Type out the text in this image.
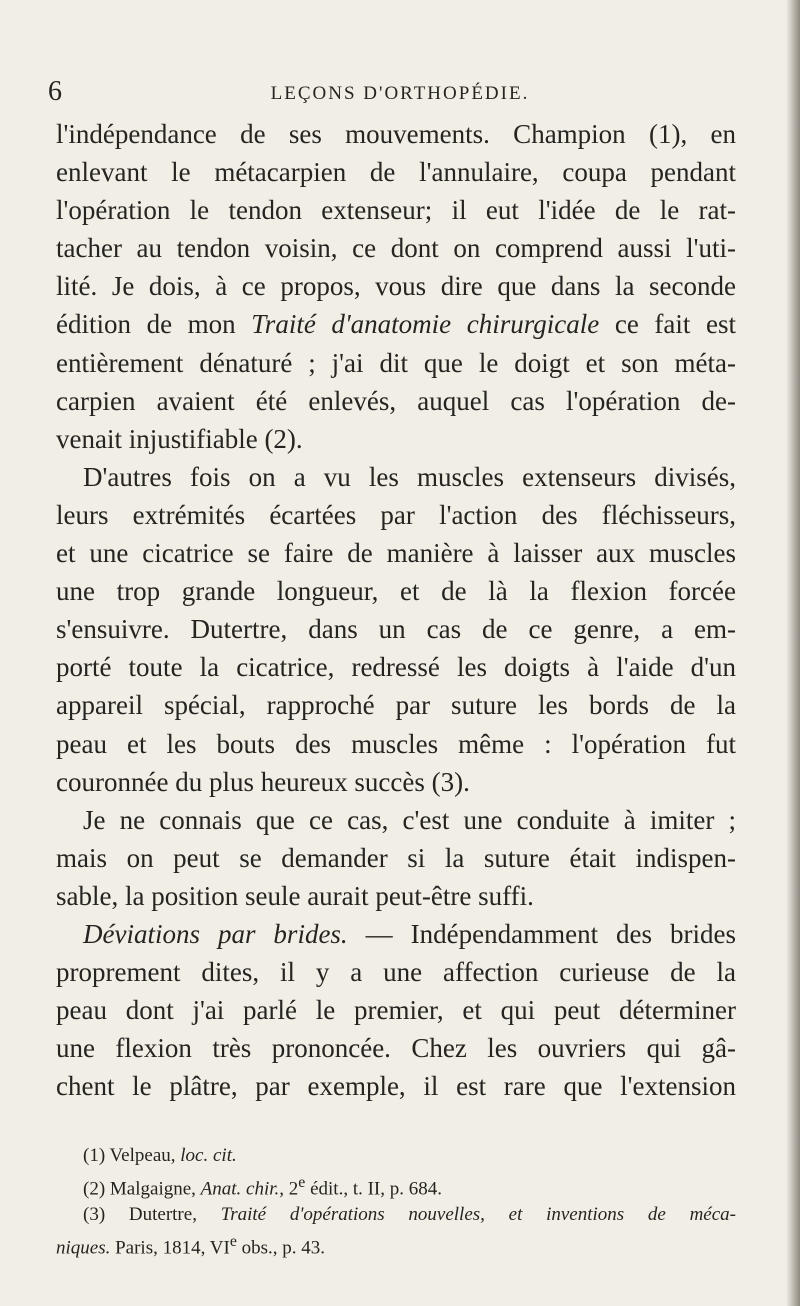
6	LEÇONS D'ORTHOPÉDIE.

l'indépendance de ses mouvements. Champion (1), en

enlevant le métacarpien de l'annulaire, coupa pendant

l'opération le tendon extenseur; il eut l'idée de le rat-

tacher au tendon voisin, ce dont on comprend aussi l'uti-

lité. Je dois, à ce propos, vous dire que dans la seconde

édition de mon Traité d'anatomie chirurgicale ce fait est

entièrement dénaturé ; j'ai dit que le doigt et son méta-

carpien avaient été enlevés, auquel cas l'opération de-

venait injustifiable (2).

D'autres fois on a vu les muscles extenseurs divisés,

leurs extrémités écartées par l'action des fléchisseurs,

et une cicatrice se faire de manière à laisser aux muscles

une trop grande longueur, et de là la flexion forcée

s'ensuivre. Dutertre, dans un cas de ce genre, a em-

porté toute la cicatrice, redressé les doigts à l'aide d'un

appareil spécial, rapproché par suture les bords de la

peau et les bouts des muscles même : l'opération fut

couronnée du plus heureux succès (3).

Je ne connais que ce cas, c'est une conduite à imiter ;

mais on peut se demander si la suture était indispen-

sable, la position seule aurait peut-être suffi.

Déviations par brides. — Indépendamment des brides

proprement dites, il y a une affection curieuse de la

peau dont j'ai parlé le premier, et qui peut déterminer

une flexion très prononcée. Chez les ouvriers qui gâ-

chent le plâtre, par exemple, il est rare que l'extension

(1) Velpeau, loc. cit.

(2) Malgaigne, Anat. chir., 2e édit., t. II, p. 684.

(3) Dutertre, Traité d'opérations nouvelles, et inventions de méca-

niques. Paris, 1814, VIe obs., p. 43.
